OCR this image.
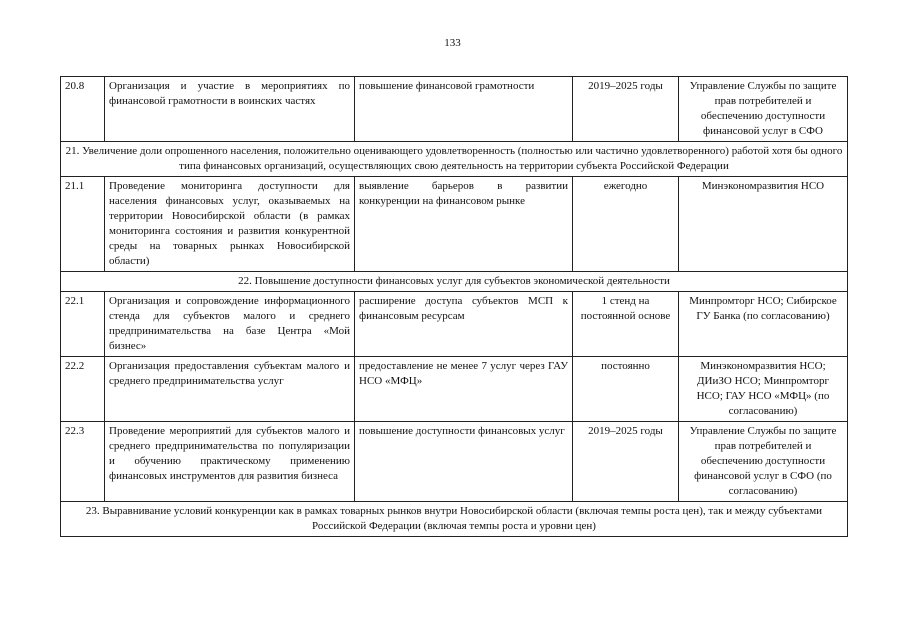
133
20.8	Организация и участие в мероприятиях по финансовой грамотности в воинских частях	повышение финансовой грамотности	2019–2025 годы	Управление Службы по защите прав потребителей и обеспечению доступности финансовой услуг в СФО
21. Увеличение доли опрошенного населения, положительно оценивающего удовлетворенность (полностью или частично удовлетворенного) работой хотя бы одного типа финансовых организаций, осуществляющих свою деятельность на территории субъекта Российской Федерации				
21.1	Проведение мониторинга доступности для населения финансовых услуг, оказываемых на территории Новосибирской области (в рамках мониторинга состояния и развития конкурентной среды на товарных рынках Новосибирской области)	выявление барьеров в развитии конкуренции на финансовом рынке	ежегодно	Минэкономразвития НСО
22. Повышение доступности финансовых услуг для субъектов экономической деятельности				
22.1	Организация и сопровождение информационного стенда для субъектов малого и среднего предпринимательства на базе Центра «Мой бизнес»	расширение доступа субъектов МСП к финансовым ресурсам	1 стенд на постоянной основе	Минпромторг НСО; Сибирское ГУ Банка (по согласованию)
22.2	Организация предоставления субъектам малого и среднего предпринимательства услуг	предоставление не менее 7 услуг через ГАУ НСО «МФЦ»	постоянно	Минэкономразвития НСО; ДИиЗО НСО; Минпромторг НСО; ГАУ НСО «МФЦ» (по согласованию)
22.3	Проведение мероприятий для субъектов малого и среднего предпринимательства по популяризации и обучению практическому применению финансовых инструментов для развития бизнеса	повышение доступности финансовых услуг	2019–2025 годы	Управление Службы по защите прав потребителей и обеспечению доступности финансовой услуг в СФО (по согласованию)
23. Выравнивание условий конкуренции как в рамках товарных рынков внутри Новосибирской области (включая темпы роста цен), так и между субъектами Российской Федерации (включая темпы роста и уровни цен)				
